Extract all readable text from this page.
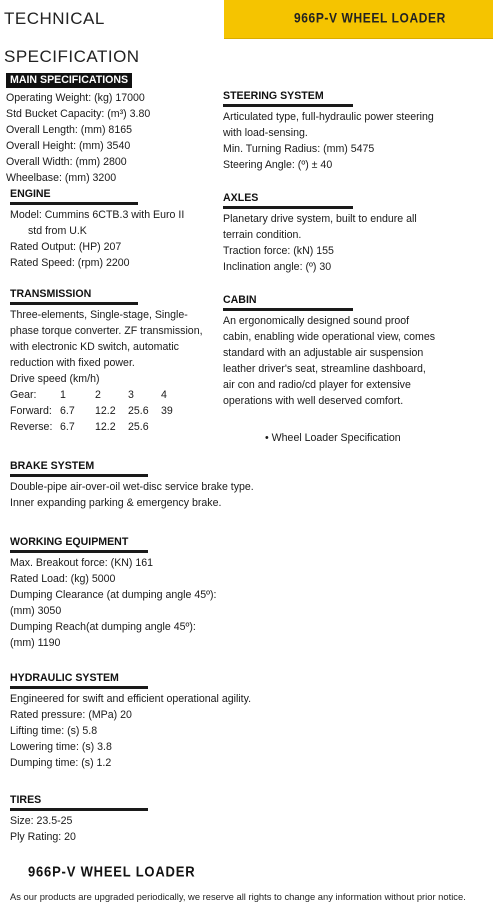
TECHNICAL SPECIFICATION
966P-V WHEEL LOADER
MAIN SPECIFICATIONS
Operating Weight: (kg) 17000
Std Bucket Capacity: (m³) 3.80
Overall Length: (mm) 8165
Overall Height: (mm) 3540
Overall Width: (mm) 2800
Wheelbase: (mm) 3200
ENGINE
Model: Cummins 6CTB.3 with Euro II
std from U.K
Rated Output: (HP) 207
Rated Speed: (rpm) 2200
TRANSMISSION
Three-elements, Single-stage, Single-
phase torque converter. ZF transmission,
with electronic KD switch, automatic
reduction with fixed power.
Drive speed (km/h)
Gear:	1	2	3	4
Forward:	6.7	12.2	25.6	39
Reverse:	6.7	12.2	25.6	
STEERING SYSTEM
Articulated type, full-hydraulic power steering
with load-sensing.
Min. Turning Radius: (mm) 5475
Steering Angle: (º) ± 40
AXLES
Planetary drive system, built to endure all
terrain condition.
Traction force: (kN) 155
Inclination angle: (º) 30
CABIN
An ergonomically designed sound proof
cabin, enabling wide operational view, comes
standard with an adjustable air suspension
leather driver's seat, streamline dashboard,
air con and radio/cd player for extensive
operations with well deserved comfort.
• Wheel Loader Specification
BRAKE SYSTEM
Double-pipe air-over-oil wet-disc service brake type.
Inner expanding parking & emergency brake.
WORKING EQUIPMENT
Max. Breakout force: (KN) 161
Rated Load: (kg) 5000
Dumping Clearance (at dumping angle 45º):
(mm) 3050
Dumping Reach(at dumping angle 45º):
(mm) 1190
HYDRAULIC SYSTEM
Engineered for swift and efficient operational agility.
Rated pressure: (MPa) 20
Lifting time: (s) 5.8
Lowering time: (s) 3.8
Dumping time: (s) 1.2
TIRES
Size: 23.5-25
Ply Rating: 20
966P-V WHEEL LOADER
As our products are upgraded periodically, we reserve all rights to change any information without prior notice.
